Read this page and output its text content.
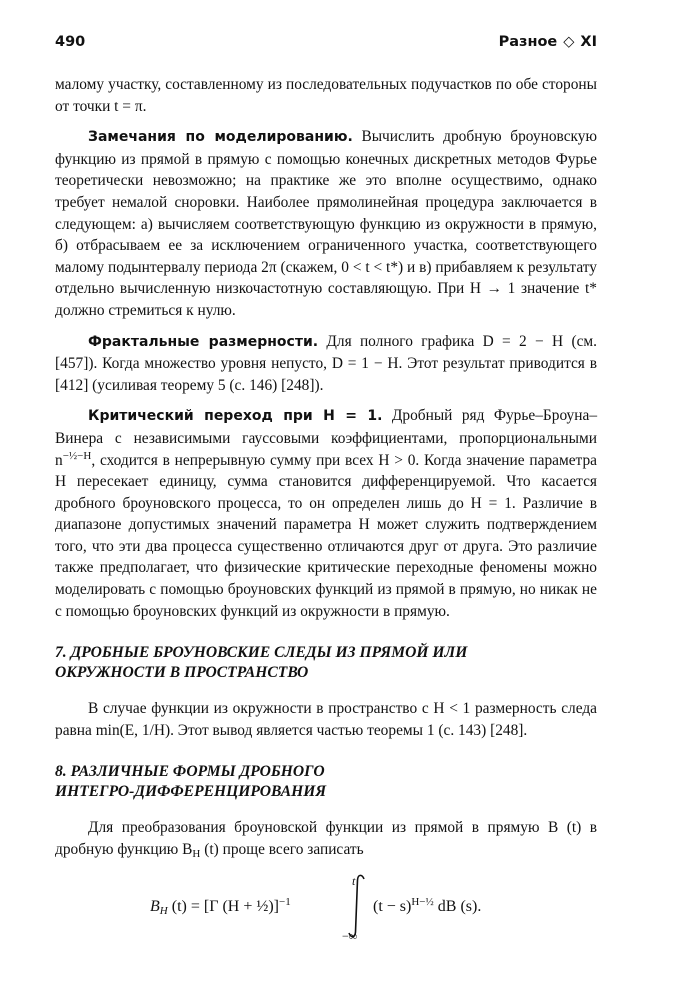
490	Разное ◇ XI

малому участку, составленному из последовательных подучастков по обе стороны от точки t = π.

Замечания по моделированию. Вычислить дробную броуновскую функцию из прямой в прямую с помощью конечных дискретных методов Фурье теоретически невозможно; на практике же это вполне осуществимо, однако требует немалой сноровки. Наиболее прямолинейная процедура заключается в следующем: а) вычисляем соответствующую функцию из окружности в прямую, б) отбрасываем ее за исключением ограниченного участка, соответствующего малому подынтервалу периода 2π (скажем, 0 < t < t*) и в) прибавляем к результату отдельно вычисленную низкочастотную составляющую. При H → 1 значение t* должно стремиться к нулю.

Фрактальные размерности. Для полного графика D = 2 − H (см. [457]). Когда множество уровня непусто, D = 1 − H. Этот результат приводится в [412] (усиливая теорему 5 (с. 146) [248]).

Критический переход при H = 1. Дробный ряд Фурье–Броуна–Винера с независимыми гауссовыми коэффициентами, пропорциональными $n^{-\frac{1}{2}-H}$, сходится в непрерывную сумму при всех H > 0. Когда значение параметра H пересекает единицу, сумма становится дифференцируемой. Что касается дробного броуновского процесса, то он определен лишь до H = 1. Различие в диапазоне допустимых значений параметра H может служить подтверждением того, что эти два процесса существенно отличаются друг от друга. Это различие также предполагает, что физические критические переходные феномены можно моделировать с помощью броуновских функций из прямой в прямую, но никак не с помощью броуновских функций из окружности в прямую.

7. ДРОБНЫЕ БРОУНОВСКИЕ СЛЕДЫ ИЗ ПРЯМОЙ ИЛИ
ОКРУЖНОСТИ В ПРОСТРАНСТВО

В случае функции из окружности в пространство с H < 1 размерность следа равна min(E, 1/H). Этот вывод является частью теоремы 1 (с. 143) [248].

8. РАЗЛИЧНЫЕ ФОРМЫ ДРОБНОГО
ИНТЕГРО-ДИФФЕРЕНЦИРОВАНИЯ

Для преобразования броуновской функции из прямой в прямую B (t) в дробную функцию $B_H$ (t) проще всего записать

$B_H$ (t) = [Γ (H + ½)]$^{-1}$
t
−∞
$(t - s)^{H-\frac{1}{2}}$ dB (s).
